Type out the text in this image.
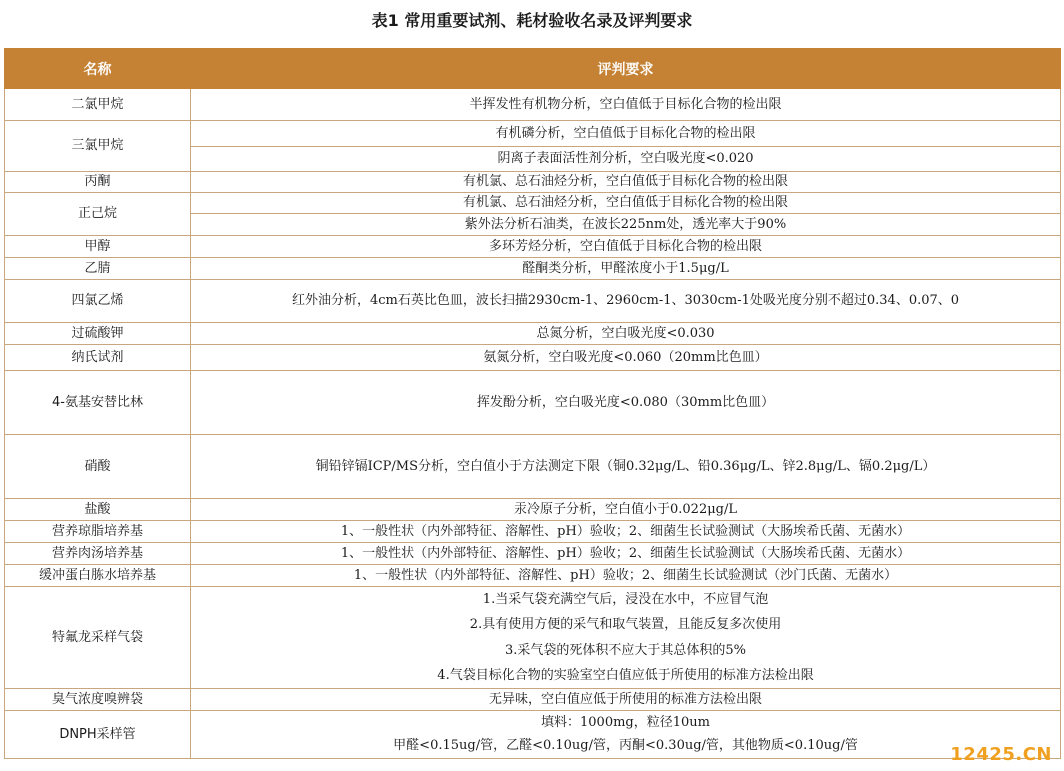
表1 常用重要试剂、耗材验收名录及评判要求
名称	评判要求
二氯甲烷	半挥发性有机物分析，空白值低于目标化合物的检出限
三氯甲烷	有机磷分析，空白值低于目标化合物的检出限
	阴离子表面活性剂分析，空白吸光度<0.020
丙酮	有机氯、总石油烃分析，空白值低于目标化合物的检出限
正己烷	有机氯、总石油烃分析，空白值低于目标化合物的检出限
	紫外法分析石油类，在波长225nm处，透光率大于90%
甲醇	多环芳烃分析，空白值低于目标化合物的检出限
乙腈	醛酮类分析，甲醛浓度小于1.5μg/L
四氯乙烯	红外油分析，4cm石英比色皿，波长扫描2930cm-1、2960cm-1、3030cm-1处吸光度分别不超过0.34、0.07、0
过硫酸钾	总氮分析，空白吸光度<0.030
纳氏试剂	氨氮分析，空白吸光度<0.060（20mm比色皿）
4-氨基安替比林	挥发酚分析，空白吸光度<0.080（30mm比色皿）
硝酸	铜铅锌镉ICP/MS分析，空白值小于方法测定下限（铜0.32μg/L、铅0.36μg/L、锌2.8μg/L、镉0.2μg/L）
盐酸	汞冷原子分析，空白值小于0.022μg/L
营养琼脂培养基	1、一般性状（内外部特征、溶解性、pH）验收；2、细菌生长试验测试（大肠埃希氏菌、无菌水）
营养肉汤培养基	1、一般性状（内外部特征、溶解性、pH）验收；2、细菌生长试验测试（大肠埃希氏菌、无菌水）
缓冲蛋白胨水培养基	1、一般性状（内外部特征、溶解性、pH）验收；2、细菌生长试验测试（沙门氏菌、无菌水）
特氟龙采样气袋	1.当采气袋充满空气后，浸没在水中，不应冒气泡
	2.具有使用方便的采气和取气装置，且能反复多次使用
	3.采气袋的死体积不应大于其总体积的5%
	4.气袋目标化合物的实验室空白值应低于所使用的标准方法检出限
臭气浓度嗅辨袋	无异味，空白值应低于所使用的标准方法检出限
DNPH采样管	填料：1000mg，粒径10um
	甲醛<0.15ug/管，乙醛<0.10ug/管，丙酮<0.30ug/管，其他物质<0.10ug/管	12425.CN
